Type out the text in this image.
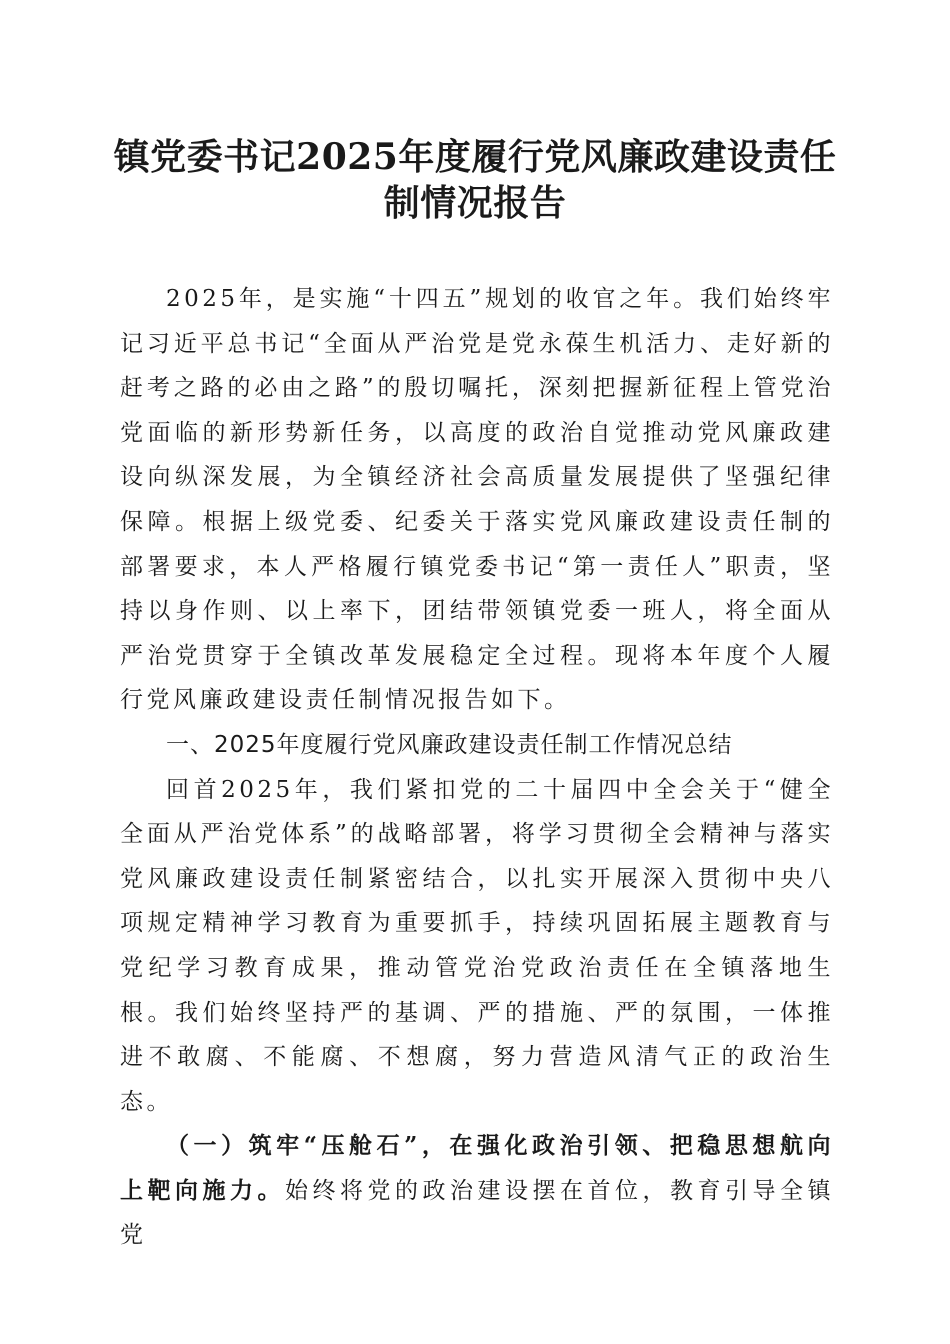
镇党委书记2025年度履行党风廉政建设责任制情况报告

2025年，是实施“十四五”规划的收官之年。我们始终牢记习近平总书记“全面从严治党是党永葆生机活力、走好新的赶考之路的必由之路”的殷切嘱托，深刻把握新征程上管党治党面临的新形势新任务，以高度的政治自觉推动党风廉政建设向纵深发展，为全镇经济社会高质量发展提供了坚强纪律保障。根据上级党委、纪委关于落实党风廉政建设责任制的部署要求，本人严格履行镇党委书记“第一责任人”职责，坚持以身作则、以上率下，团结带领镇党委一班人，将全面从严治党贯穿于全镇改革发展稳定全过程。现将本年度个人履行党风廉政建设责任制情况报告如下。

一、2025年度履行党风廉政建设责任制工作情况总结

回首2025年，我们紧扣党的二十届四中全会关于“健全全面从严治党体系”的战略部署，将学习贯彻全会精神与落实党风廉政建设责任制紧密结合，以扎实开展深入贯彻中央八项规定精神学习教育为重要抓手，持续巩固拓展主题教育与党纪学习教育成果，推动管党治党政治责任在全镇落地生根。我们始终坚持严的基调、严的措施、严的氛围，一体推进不敢腐、不能腐、不想腐，努力营造风清气正的政治生态。

（一）筑牢“压舱石”，在强化政治引领、把稳思想航向上靶向施力。始终将党的政治建设摆在首位，教育引导全镇党
